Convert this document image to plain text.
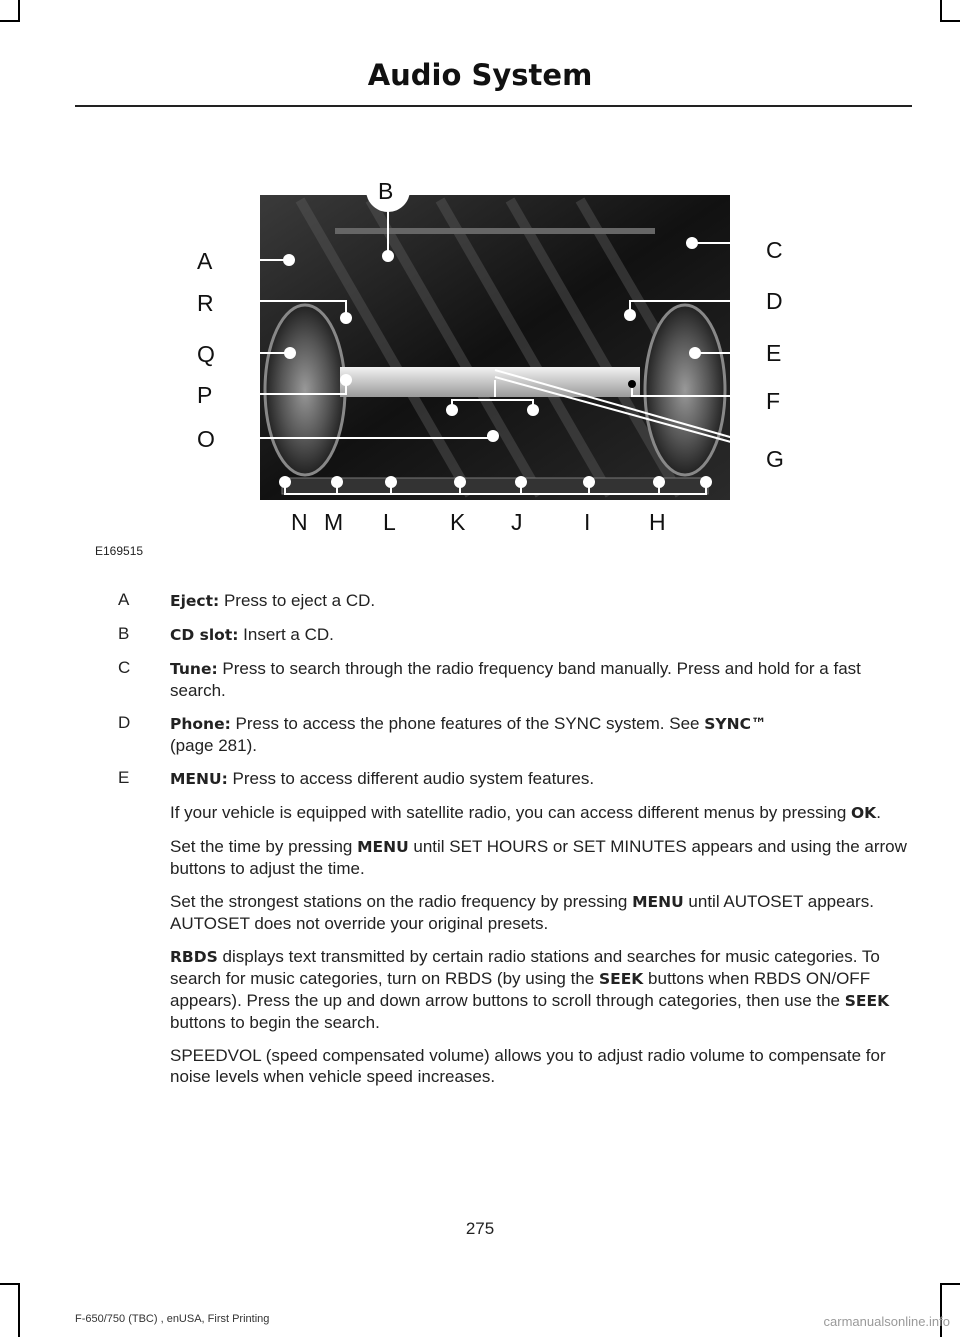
Audio System
A
B
C
D
E
F
G
H
I
J
K
L
M
N
O
P
Q
R
E169515
A	Eject: Press to eject a CD.
B	CD slot: Insert a CD.
C	Tune: Press to search through the radio frequency band manually. Press and hold for a fast search.
D	Phone: Press to access the phone features of the SYNC system. See SYNC™
(page 281).
E	MENU: Press to access different audio system features.
If your vehicle is equipped with satellite radio, you can access different menus by pressing OK.
Set the time by pressing MENU until SET HOURS or SET MINUTES appears and using the arrow buttons to adjust the time.
Set the strongest stations on the radio frequency by pressing MENU until AUTOSET appears. AUTOSET does not override your original presets.
RBDS displays text transmitted by certain radio stations and searches for music categories. To search for music categories, turn on RBDS (by using the SEEK buttons when RBDS ON/OFF appears). Press the up and down arrow buttons to scroll through categories, then use the SEEK buttons to begin the search.
SPEEDVOL (speed compensated volume) allows you to adjust radio volume to compensate for noise levels when vehicle speed increases.
275
F-650/750 (TBC) , enUSA, First Printing	carmanualsonline.info
